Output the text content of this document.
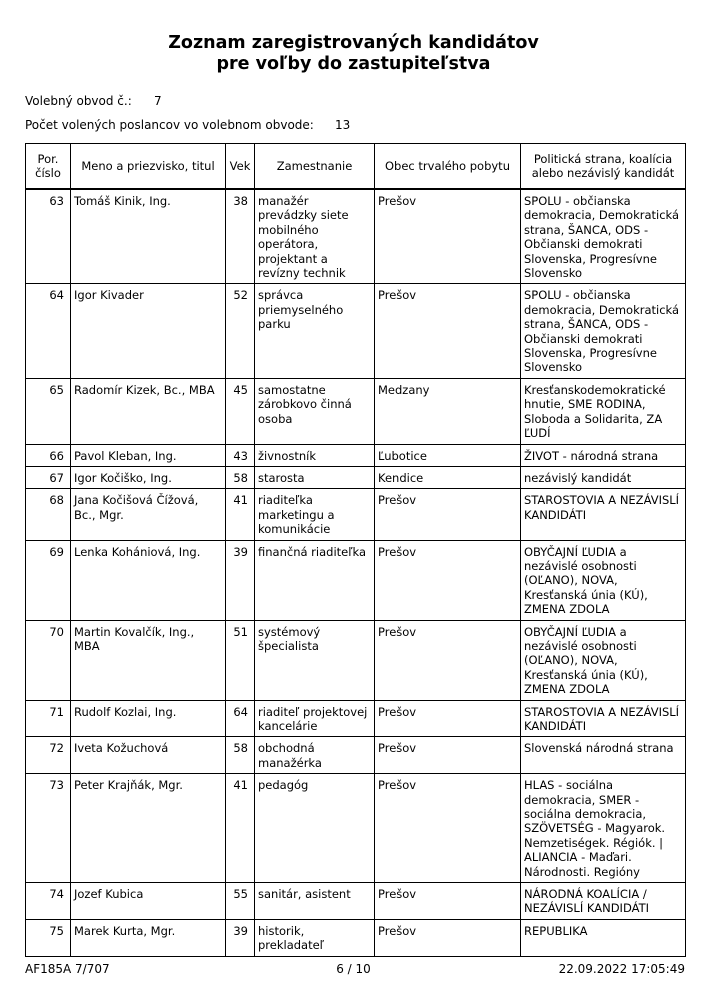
Zoznam zaregistrovaných kandidátov
pre voľby do zastupiteľstva
Volebný obvod č.: 7
Počet volených poslancov vo volebnom obvode: 13
Por. číslo	Meno a priezvisko, titul	Vek	Zamestnanie	Obec trvalého pobytu	Politická strana, koalícia alebo nezávislý kandidát
63	Tomáš Kinik, Ing.	38	manažér prevádzky siete mobilného operátora, projektant a revízny technik	Prešov	SPOLU - občianska demokracia, Demokratická strana, ŠANCA, ODS - Občianski demokrati Slovenska, Progresívne Slovensko
64	Igor Kivader	52	správca priemyselného parku	Prešov	SPOLU - občianska demokracia, Demokratická strana, ŠANCA, ODS - Občianski demokrati Slovenska, Progresívne Slovensko
65	Radomír Kizek, Bc., MBA	45	samostatne zárobkovo činná osoba	Medzany	Kresťanskodemokratické hnutie, SME RODINA, Sloboda a Solidarita, ZA ĽUDÍ
66	Pavol Kleban, Ing.	43	živnostník	Ľubotice	ŽIVOT - národná strana
67	Igor Kočiško, Ing.	58	starosta	Kendice	nezávislý kandidát
68	Jana Kočišová Čížová, Bc., Mgr.	41	riaditeľka marketingu a komunikácie	Prešov	STAROSTOVIA A NEZÁVISLÍ KANDIDÁTI
69	Lenka Kohániová, Ing.	39	finančná riaditeľka	Prešov	OBYČAJNÍ ĽUDIA a nezávislé osobnosti (OĽANO), NOVA, Kresťanská únia (KÚ), ZMENA ZDOLA
70	Martin Kovalčík, Ing., MBA	51	systémový špecialista	Prešov	OBYČAJNÍ ĽUDIA a nezávislé osobnosti (OĽANO), NOVA, Kresťanská únia (KÚ), ZMENA ZDOLA
71	Rudolf Kozlai, Ing.	64	riaditeľ projektovej kancelárie	Prešov	STAROSTOVIA A NEZÁVISLÍ KANDIDÁTI
72	Iveta Kožuchová	58	obchodná manažérka	Prešov	Slovenská národná strana
73	Peter Krajňák, Mgr.	41	pedagóg	Prešov	HLAS - sociálna demokracia, SMER - sociálna demokracia, SZÖVETSÉG - Magyarok. Nemzetiségek. Régiók. | ALIANCIA - Maďari. Národnosti. Regióny
74	Jozef Kubica	55	sanitár, asistent	Prešov	NÁRODNÁ KOALÍCIA / NEZÁVISLÍ KANDIDÁTI
75	Marek Kurta, Mgr.	39	historik, prekladateľ	Prešov	REPUBLIKA
AF185A 7/707	6 / 10	22.09.2022 17:05:49
